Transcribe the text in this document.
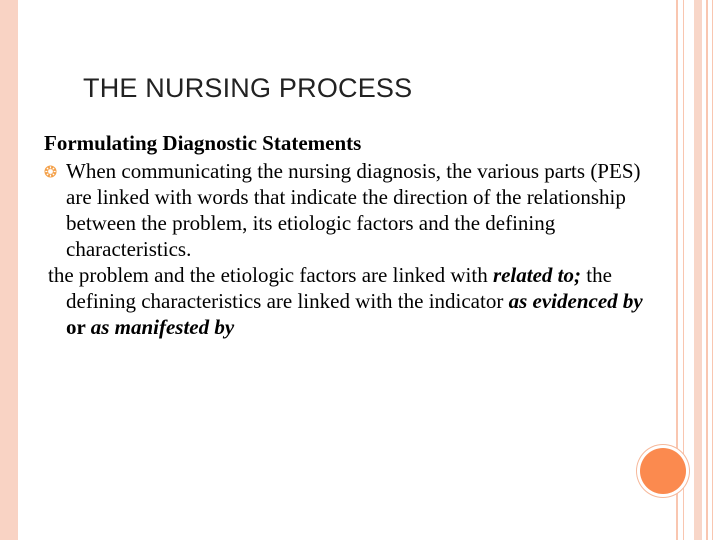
THE NURSING PROCESS

Formulating Diagnostic Statements

When communicating the nursing diagnosis, the various parts (PES) are linked with words that indicate the direction of the relationship between the problem, its etiologic factors and the defining characteristics.

the problem and the etiologic factors are linked with related to; the defining characteristics are linked with the indicator as evidenced by or as manifested by
